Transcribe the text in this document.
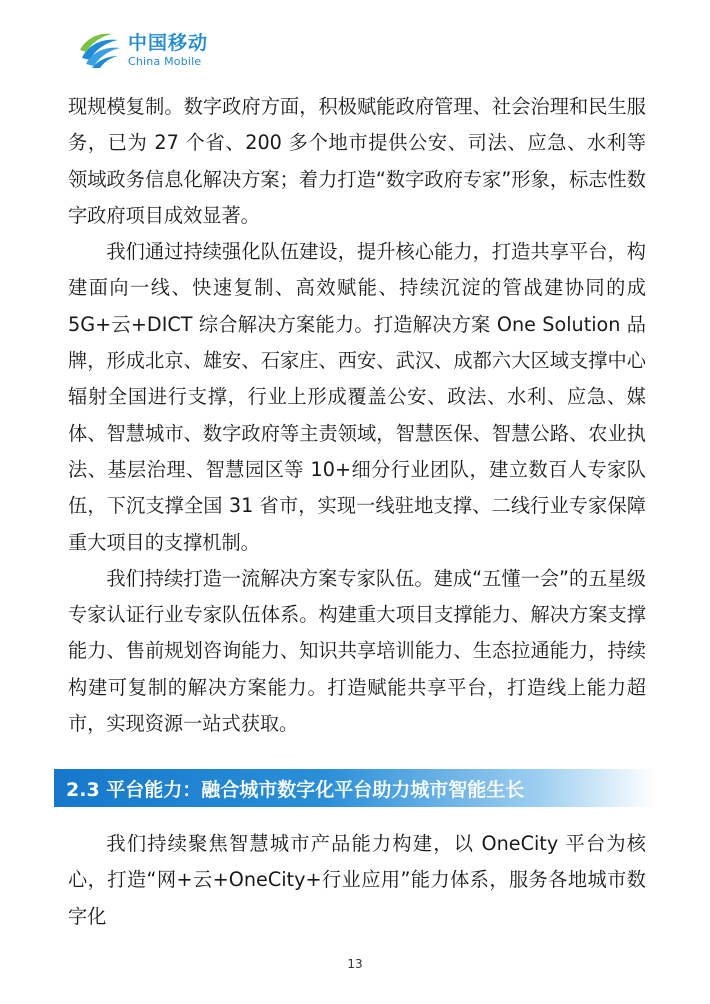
中国移动
China Mobile

现规模复制。数字政府方面，积极赋能政府管理、社会治理和民生服务，已为 27 个省、200 多个地市提供公安、司法、应急、水利等领域政务信息化解决方案；着力打造“数字政府专家”形象，标志性数字政府项目成效显著。

我们通过持续强化队伍建设，提升核心能力，打造共享平台，构建面向一线、快速复制、高效赋能、持续沉淀的管战建协同的成 5G+云+DICT 综合解决方案能力。打造解决方案 One Solution 品牌，形成北京、雄安、石家庄、西安、武汉、成都六大区域支撑中心辐射全国进行支撑，行业上形成覆盖公安、政法、水利、应急、媒体、智慧城市、数字政府等主责领域，智慧医保、智慧公路、农业执法、基层治理、智慧园区等 10+细分行业团队，建立数百人专家队伍，下沉支撑全国 31 省市，实现一线驻地支撑、二线行业专家保障重大项目的支撑机制。

我们持续打造一流解决方案专家队伍。建成“五懂一会”的五星级专家认证行业专家队伍体系。构建重大项目支撑能力、解决方案支撑能力、售前规划咨询能力、知识共享培训能力、生态拉通能力，持续构建可复制的解决方案能力。打造赋能共享平台，打造线上能力超市，实现资源一站式获取。

2.3 平台能力：融合城市数字化平台助力城市智能生长

我们持续聚焦智慧城市产品能力构建，以 OneCity 平台为核心，打造“网+云+OneCity+行业应用”能力体系，服务各地城市数字化

13
